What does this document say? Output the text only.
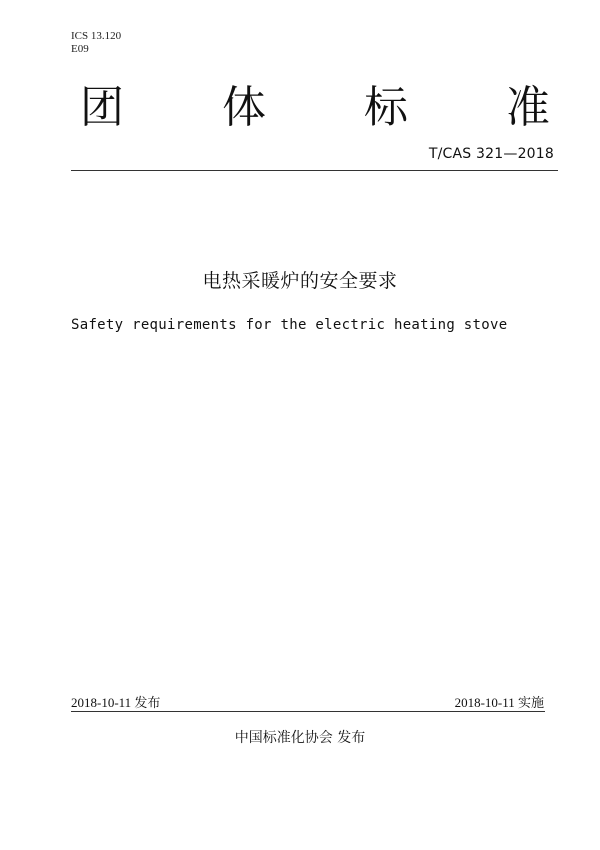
ICS 13.120
E09
团 体 标 准
T/CAS 321—2018
电热采暖炉的安全要求
Safety requirements for the electric heating stove
2018-10-11 发布	2018-10-11 实施
中国标准化协会 发布
